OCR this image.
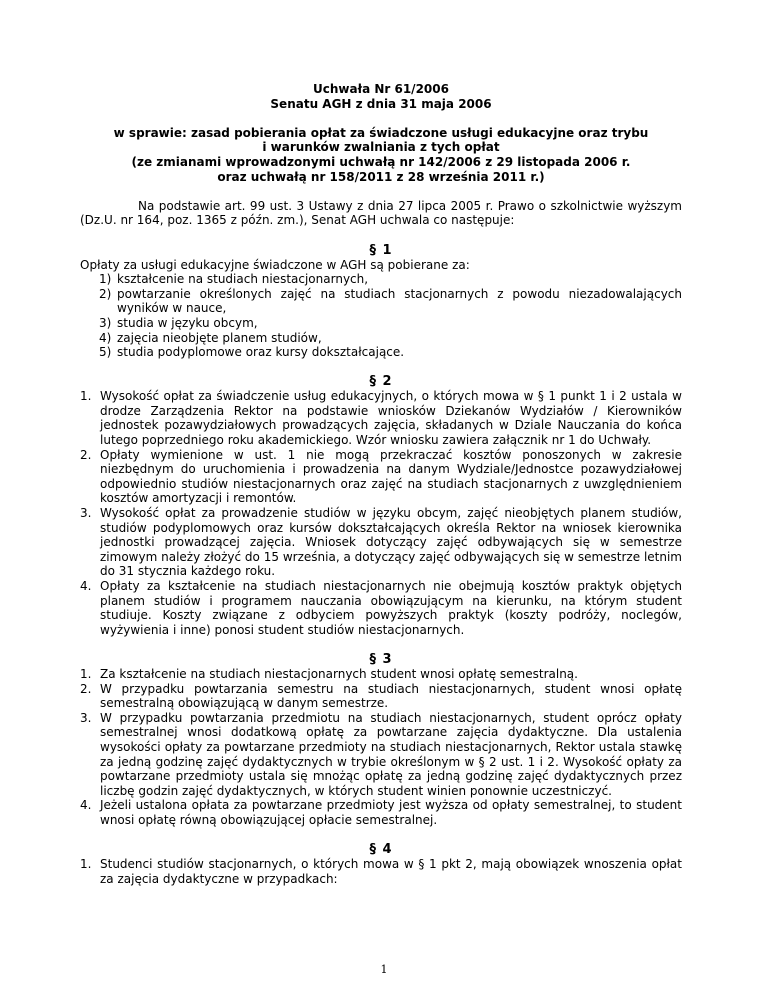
Uchwała Nr 61/2006
Senatu AGH z dnia 31 maja 2006
w sprawie: zasad pobierania opłat za świadczone usługi edukacyjne oraz trybu
i warunków zwalniania z tych opłat
(ze zmianami wprowadzonymi uchwałą nr 142/2006 z 29 listopada 2006 r.
oraz uchwałą nr 158/2011 z 28 września 2011 r.)

Na podstawie art. 99 ust. 3 Ustawy z dnia 27 lipca 2005 r. Prawo o szkolnictwie wyższym (Dz.U. nr 164, poz. 1365 z późn. zm.), Senat AGH uchwala co następuje:

§ 1

Opłaty za usługi edukacyjne świadczone w AGH są pobierane za:

1) kształcenie na studiach niestacjonarnych,
2) powtarzanie określonych zajęć na studiach stacjonarnych z powodu niezadowalających wyników w nauce,
3) studia w języku obcym,
4) zajęcia nieobjęte planem studiów,
5) studia podyplomowe oraz kursy dokształcające.
§ 2
1. Wysokość opłat za świadczenie usług edukacyjnych, o których mowa w § 1 punkt 1 i 2 ustala w drodze Zarządzenia Rektor na podstawie wniosków Dziekanów Wydziałów / Kierowników jednostek pozawydziałowych prowadzących zajęcia, składanych w Dziale Nauczania do końca lutego poprzedniego roku akademickiego. Wzór wniosku zawiera załącznik nr 1 do Uchwały.
2. Opłaty wymienione w ust. 1 nie mogą przekraczać kosztów ponoszonych w zakresie niezbędnym do uruchomienia i prowadzenia na danym Wydziale/Jednostce pozawydziałowej odpowiednio studiów niestacjonarnych oraz zajęć na studiach stacjonarnych z uwzględnieniem kosztów amortyzacji i remontów.
3. Wysokość opłat za prowadzenie studiów w języku obcym, zajęć nieobjętych planem studiów, studiów podyplomowych oraz kursów dokształcających określa Rektor na wniosek kierownika jednostki prowadzącej zajęcia. Wniosek dotyczący zajęć odbywających się w semestrze zimowym należy złożyć do 15 września, a dotyczący zajęć odbywających się w semestrze letnim do 31 stycznia każdego roku.
4. Opłaty za kształcenie na studiach niestacjonarnych nie obejmują kosztów praktyk objętych planem studiów i programem nauczania obowiązującym na kierunku, na którym student studiuje. Koszty związane z odbyciem powyższych praktyk (koszty podróży, noclegów, wyżywienia i inne) ponosi student studiów niestacjonarnych.
§ 3
1. Za kształcenie na studiach niestacjonarnych student wnosi opłatę semestralną.
2. W przypadku powtarzania semestru na studiach niestacjonarnych, student wnosi opłatę semestralną obowiązującą w danym semestrze.
3. W przypadku powtarzania przedmiotu na studiach niestacjonarnych, student oprócz opłaty semestralnej wnosi dodatkową opłatę za powtarzane zajęcia dydaktyczne. Dla ustalenia wysokości opłaty za powtarzane przedmioty na studiach niestacjonarnych, Rektor ustala stawkę za jedną godzinę zajęć dydaktycznych w trybie określonym w § 2 ust. 1 i 2. Wysokość opłaty za powtarzane przedmioty ustala się mnożąc opłatę za jedną godzinę zajęć dydaktycznych przez liczbę godzin zajęć dydaktycznych, w których student winien ponownie uczestniczyć.
4. Jeżeli ustalona opłata za powtarzane przedmioty jest wyższa od opłaty semestralnej, to student wnosi opłatę równą obowiązującej opłacie semestralnej.
§ 4
1. Studenci studiów stacjonarnych, o których mowa w § 1 pkt 2, mają obowiązek wnoszenia opłat za zajęcia dydaktyczne w przypadkach:
1
